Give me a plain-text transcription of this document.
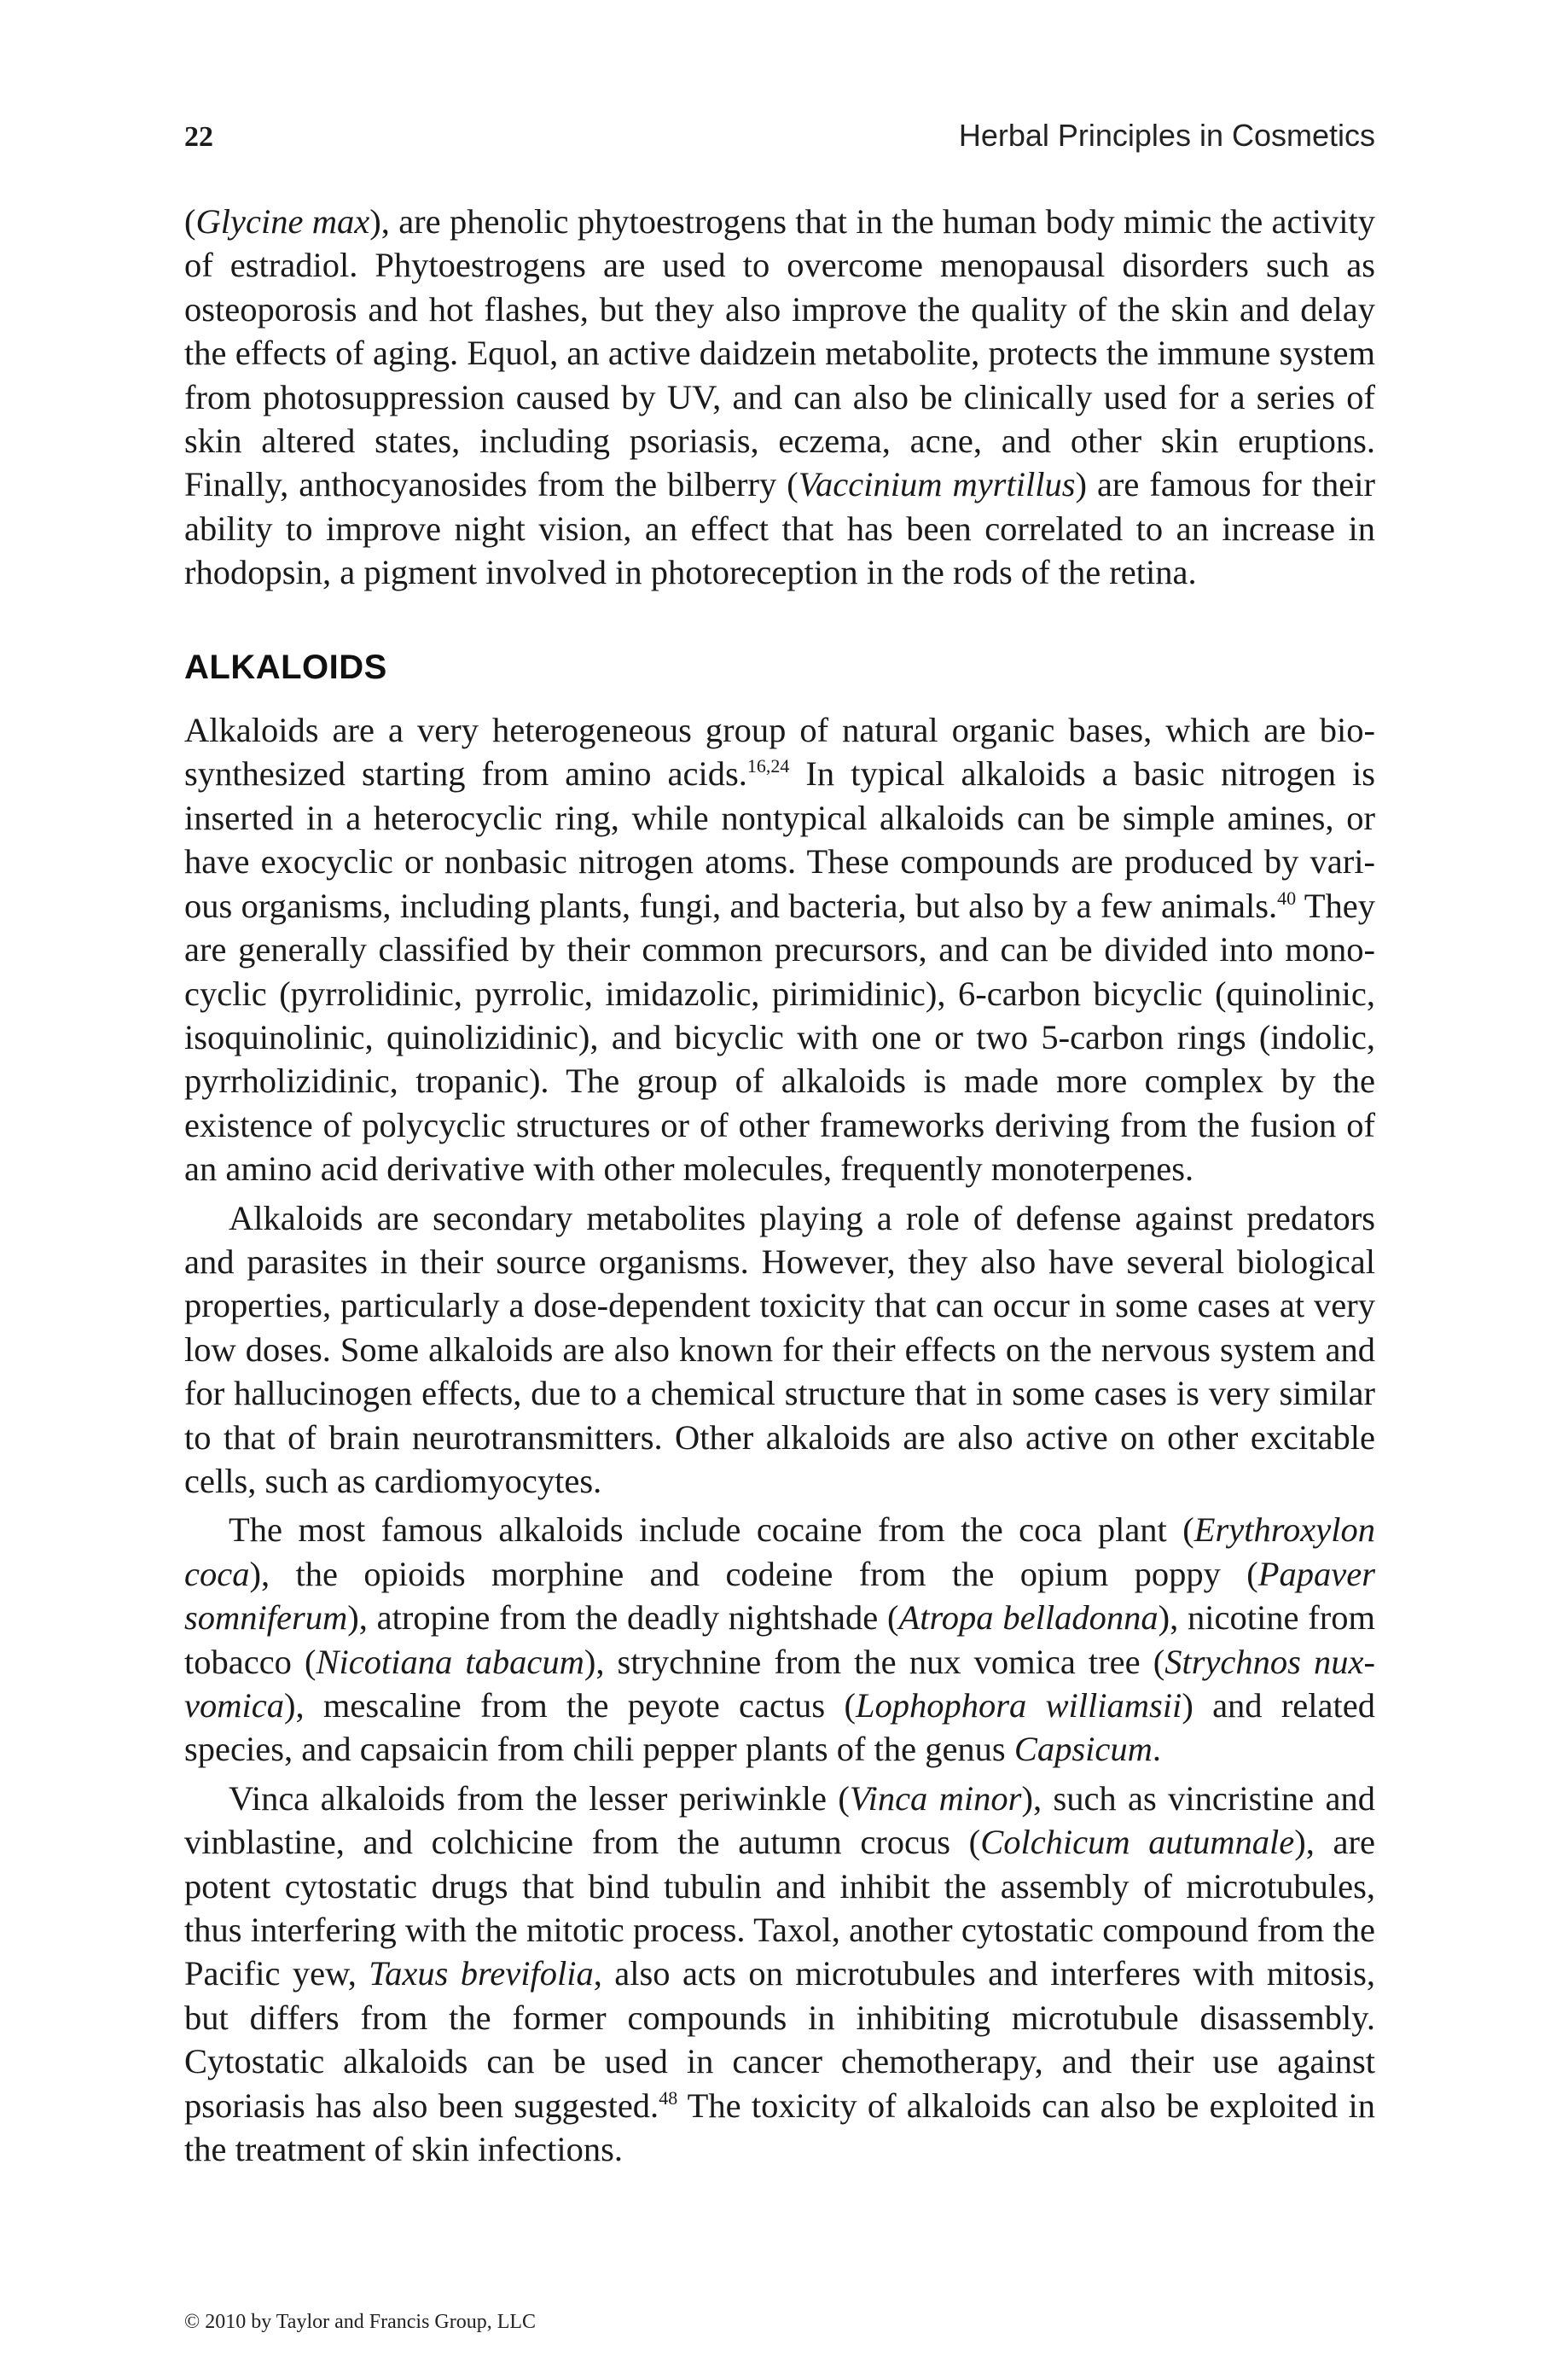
22	Herbal Principles in Cosmetics

(Glycine max), are phenolic phytoestrogens that in the human body mimic the activity of estradiol. Phytoestrogens are used to overcome menopausal disorders such as osteoporosis and hot flashes, but they also improve the quality of the skin and delay the effects of aging. Equol, an active daidzein metabolite, protects the immune system from photosuppression caused by UV, and can also be clinically used for a series of skin altered states, including psoriasis, eczema, acne, and other skin eruptions. Finally, anthocyanosides from the bilberry (Vaccinium myrtillus) are famous for their ability to improve night vision, an effect that has been correlated to an increase in rhodopsin, a pigment involved in photoreception in the rods of the retina.

ALKALOIDS

Alkaloids are a very heterogeneous group of natural organic bases, which are biosynthesized starting from amino acids.$^{16,24}$ In typical alkaloids a basic nitrogen is inserted in a heterocyclic ring, while nontypical alkaloids can be simple amines, or have exocyclic or nonbasic nitrogen atoms. These compounds are produced by various organisms, including plants, fungi, and bacteria, but also by a few animals.$^{40}$ They are generally classified by their common precursors, and can be divided into monocyclic (pyrrolidinic, pyrrolic, imidazolic, pirimidinic), 6-carbon bicyclic (quinolinic, isoquinolinic, quinolizidinic), and bicyclic with one or two 5-carbon rings (indolic, pyrrholizidinic, tropanic). The group of alkaloids is made more complex by the existence of polycyclic structures or of other frameworks deriving from the fusion of an amino acid derivative with other molecules, frequently monoterpenes.

Alkaloids are secondary metabolites playing a role of defense against predators and parasites in their source organisms. However, they also have several biological properties, particularly a dose-dependent toxicity that can occur in some cases at very low doses. Some alkaloids are also known for their effects on the nervous system and for hallucinogen effects, due to a chemical structure that in some cases is very similar to that of brain neurotransmitters. Other alkaloids are also active on other excitable cells, such as cardiomyocytes.

The most famous alkaloids include cocaine from the coca plant (Erythroxylon coca), the opioids morphine and codeine from the opium poppy (Papaver somniferum), atropine from the deadly nightshade (Atropa belladonna), nicotine from tobacco (Nicotiana tabacum), strychnine from the nux vomica tree (Strychnos nux-vomica), mescaline from the peyote cactus (Lophophora williamsii) and related species, and capsaicin from chili pepper plants of the genus Capsicum.

Vinca alkaloids from the lesser periwinkle (Vinca minor), such as vincristine and vinblastine, and colchicine from the autumn crocus (Colchicum autumnale), are potent cytostatic drugs that bind tubulin and inhibit the assembly of microtubules, thus interfering with the mitotic process. Taxol, another cytostatic compound from the Pacific yew, Taxus brevifolia, also acts on microtubules and interferes with mitosis, but differs from the former compounds in inhibiting microtubule disassembly. Cytostatic alkaloids can be used in cancer chemotherapy, and their use against psoriasis has also been suggested.$^{48}$ The toxicity of alkaloids can also be exploited in the treatment of skin infections.

© 2010 by Taylor and Francis Group, LLC
